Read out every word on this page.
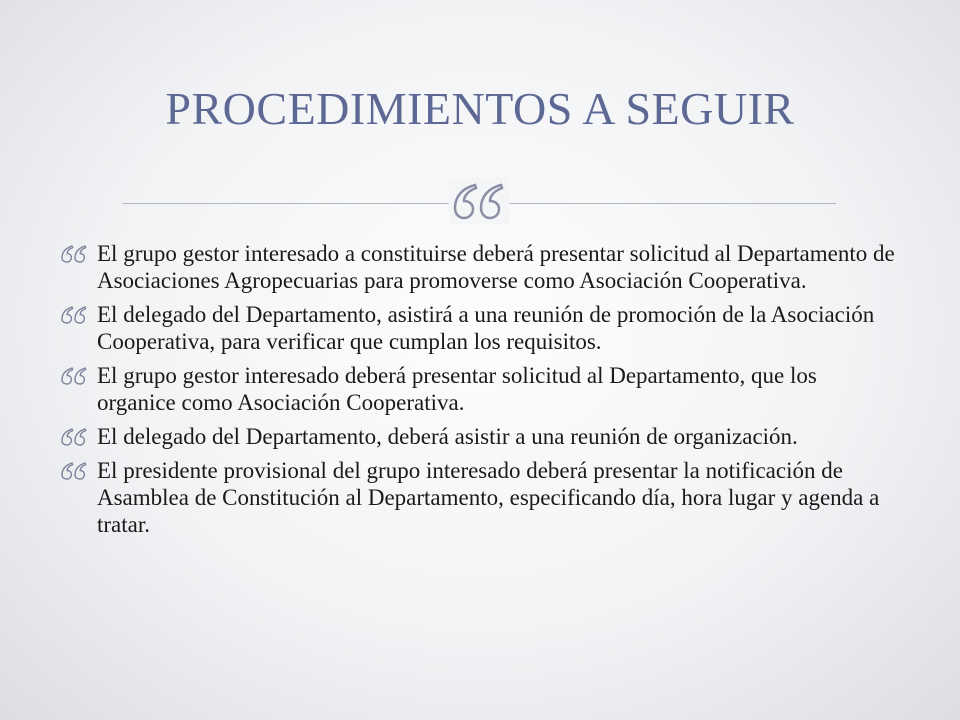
PROCEDIMIENTOS A SEGUIR
El grupo gestor interesado a constituirse deberá presentar solicitud al Departamento de Asociaciones Agropecuarias para promoverse como Asociación Cooperativa.
El delegado del Departamento, asistirá a una reunión de promoción de la Asociación Cooperativa, para verificar que cumplan los requisitos.
El grupo gestor interesado deberá presentar solicitud al Departamento, que los organice como Asociación Cooperativa.
El delegado del Departamento, deberá asistir a una reunión de organización.
El presidente provisional del grupo interesado deberá presentar la notificación de Asamblea de Constitución al Departamento, especificando día, hora lugar y agenda a tratar.
